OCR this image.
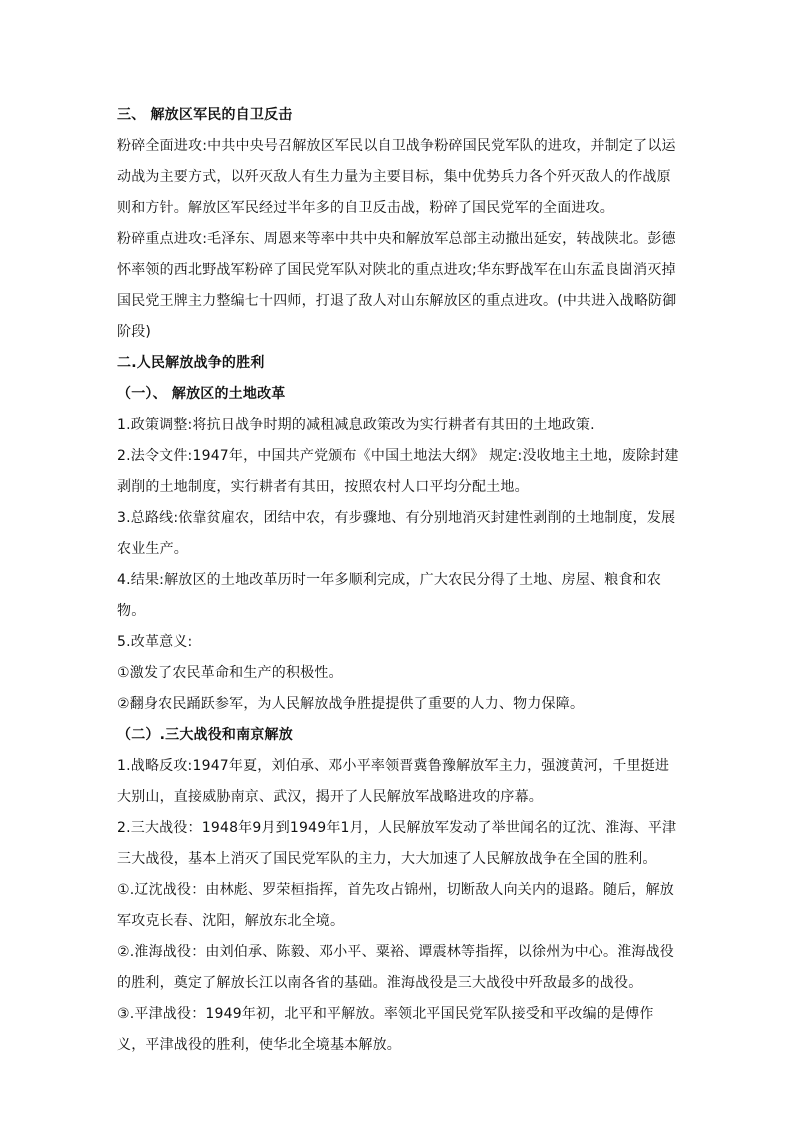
三、 解放区军民的自卫反击

粉碎全面进攻:中共中央号召解放区军民以自卫战争粉碎国民党军队的进攻，并制定了以运动战为主要方式，以歼灭敌人有生力量为主要目标，集中优势兵力各个歼灭敌人的作战原则和方针。解放区军民经过半年多的自卫反击战，粉碎了国民党军的全面进攻。

粉碎重点进攻:毛泽东、周恩来等率中共中央和解放军总部主动撤出延安，转战陕北。彭德怀率领的西北野战军粉碎了国民党军队对陕北的重点进攻;华东野战军在山东孟良崮消灭掉国民党王牌主力整编七十四师，打退了敌人对山东解放区的重点进攻。(中共进入战略防御阶段)

二.人民解放战争的胜利

（一）、 解放区的土地改革

1.政策调整:将抗日战争时期的减租减息政策改为实行耕者有其田的土地政策.

2.法令文件:1947年，中国共产党颁布《中国土地法大纲》 规定:没收地主土地，废除封建剥削的土地制度，实行耕者有其田，按照农村人口平均分配土地。

3.总路线:依靠贫雇农，团结中农，有步骤地、有分别地消灭封建性剥削的土地制度，发展农业生产。

4.结果:解放区的土地改革历时一年多顺利完成，广大农民分得了土地、房屋、粮食和农物。

5.改革意义:

①激发了农民革命和生产的积极性。

②翻身农民踊跃参军，为人民解放战争胜提提供了重要的人力、物力保障。

（二）.三大战役和南京解放

1.战略反攻:1947年夏，刘伯承、邓小平率领晋冀鲁豫解放军主力，强渡黄河，千里挺进大别山，直接威胁南京、武汉，揭开了人民解放军战略进攻的序幕。

2.三大战役：1948年9月到1949年1月，人民解放军发动了举世闻名的辽沈、淮海、平津三大战役，基本上消灭了国民党军队的主力，大大加速了人民解放战争在全国的胜利。

①.辽沈战役：由林彪、罗荣桓指挥，首先攻占锦州，切断敌人向关内的退路。随后，解放军攻克长春、沈阳，解放东北全境。

②.淮海战役：由刘伯承、陈毅、邓小平、粟裕、谭震林等指挥，以徐州为中心。淮海战役的胜利，奠定了解放长江以南各省的基础。淮海战役是三大战役中歼敌最多的战役。

③.平津战役：1949年初，北平和平解放。率领北平国民党军队接受和平改编的是傅作义，平津战役的胜利，使华北全境基本解放。
